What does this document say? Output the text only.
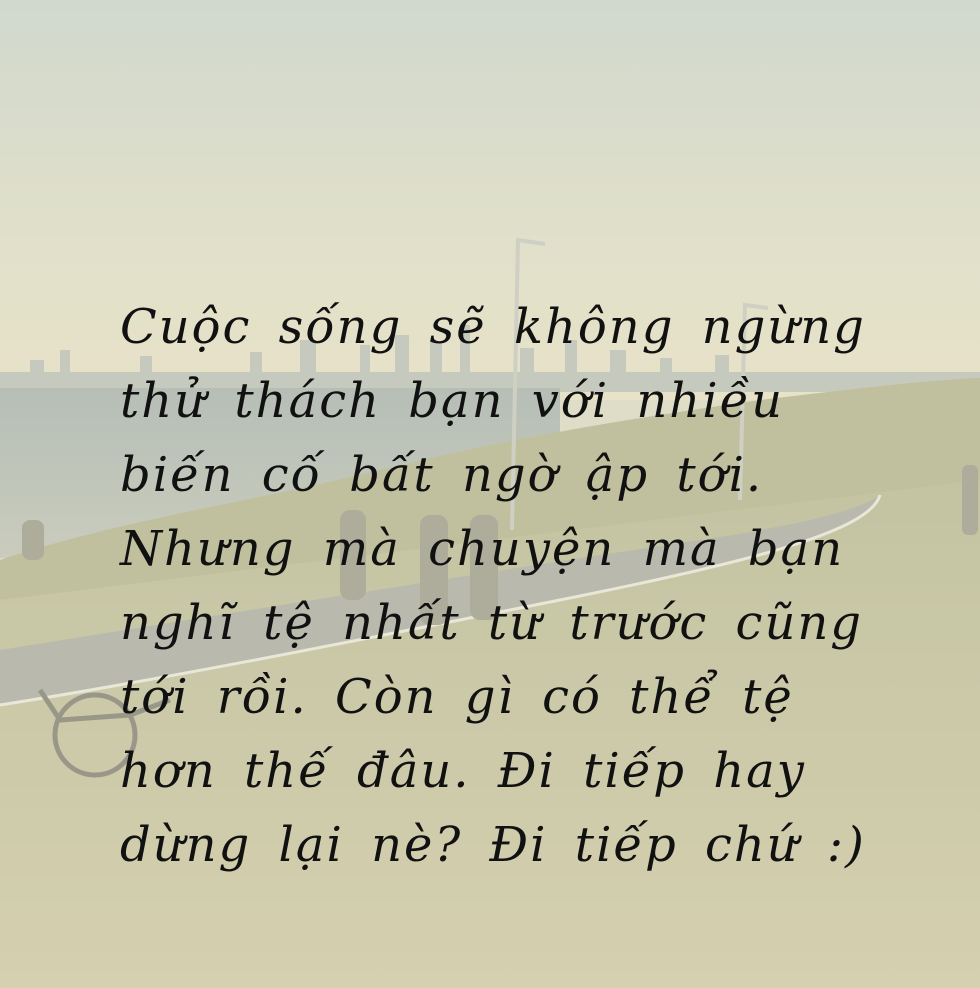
Cuộc sống sẽ không ngừng thử thách bạn với nhiều biến cố bất ngờ ập tới. Nhưng mà chuyện mà bạn nghĩ tệ nhất từ trước cũng tới rồi. Còn gì có thể tệ hơn thế đâu. Đi tiếp hay dừng lại nè? Đi tiếp chứ :)
